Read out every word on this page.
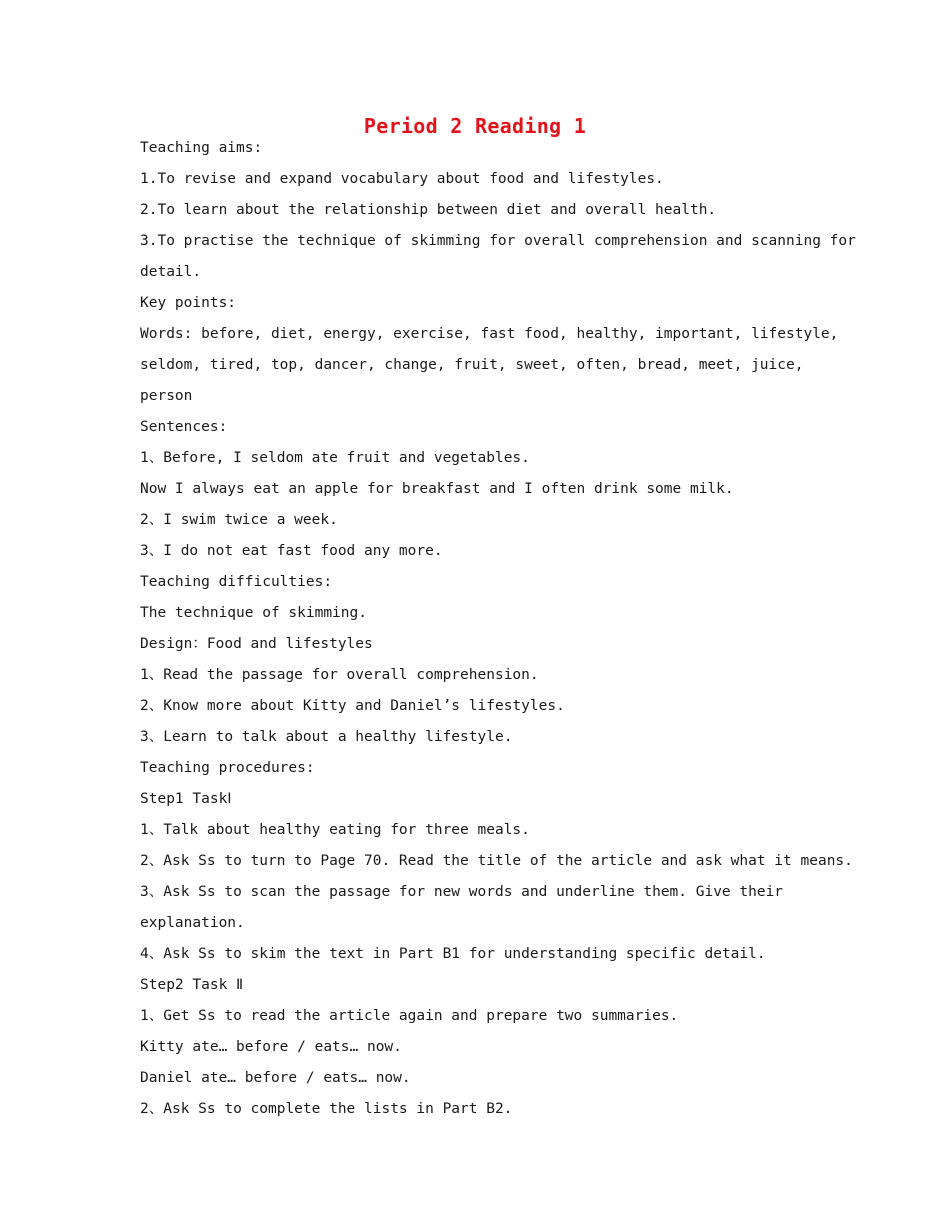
Period 2 Reading 1
Teaching aims:
1.To revise and expand vocabulary about food and lifestyles.
2.To learn about the relationship between diet and overall health.
3.To practise the technique of skimming for overall comprehension and scanning for
detail.
Key points:
Words: before, diet, energy, exercise, fast food, healthy, important, lifestyle,
seldom, tired, top, dancer, change, fruit, sweet, often, bread, meet, juice,
person
Sentences:
1、Before, I seldom ate fruit and vegetables.
Now I always eat an apple for breakfast and I often drink some milk.
2、I swim twice a week.
3、I do not eat fast food any more.
Teaching difficulties:
The technique of skimming.
Design：Food and lifestyles
1、Read the passage for overall comprehension.
2、Know more about Kitty and Daniel’s lifestyles.
3、Learn to talk about a healthy lifestyle.
Teaching procedures:
Step1 TaskⅠ
1、Talk about healthy eating for three meals.
2、Ask Ss to turn to Page 70. Read the title of the article and ask what it means.
3、Ask Ss to scan the passage for new words and underline them. Give their
explanation.
4、Ask Ss to skim the text in Part B1 for understanding specific detail.
Step2 Task Ⅱ
1、Get Ss to read the article again and prepare two summaries.
Kitty ate… before / eats… now.
Daniel ate… before / eats… now.
2、Ask Ss to complete the lists in Part B2.
